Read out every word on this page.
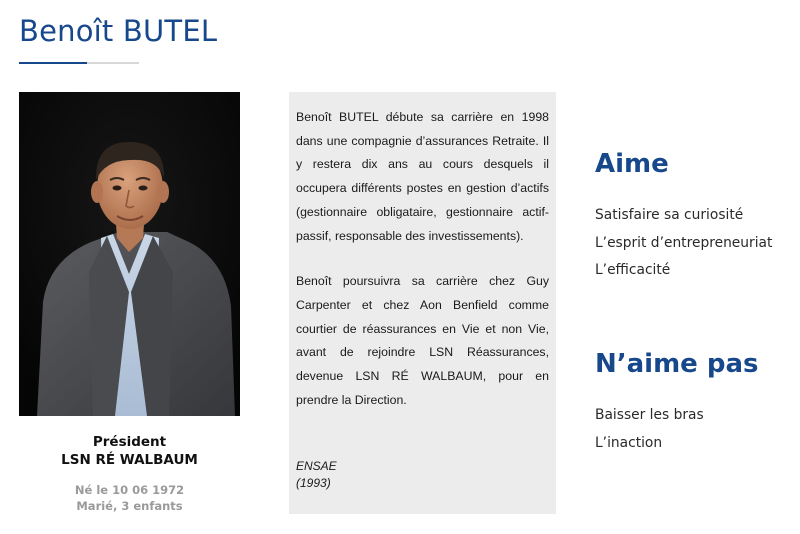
Benoît BUTEL
Président
LSN RÉ WALBAUM
Né le 10 06 1972
Marié, 3 enfants

Benoît BUTEL débute sa carrière en 1998 dans une compagnie d’assurances Retraite. Il y restera dix ans au cours desquels il occupera différents postes en gestion d’actifs (gestionnaire obligataire, gestionnaire actif-passif, responsable des investissements).

Benoît poursuivra sa carrière chez Guy Carpenter et chez Aon Benfield comme courtier de réassurances en Vie et non Vie, avant de rejoindre LSN Réassurances, devenue LSN RÉ WALBAUM, pour en prendre la Direction.

ENSAE
(1993)
Aime
Satisfaire sa curiosité
L’esprit d’entrepreneuriat
L’efficacité
N’aime pas
Baisser les bras
L’inaction
